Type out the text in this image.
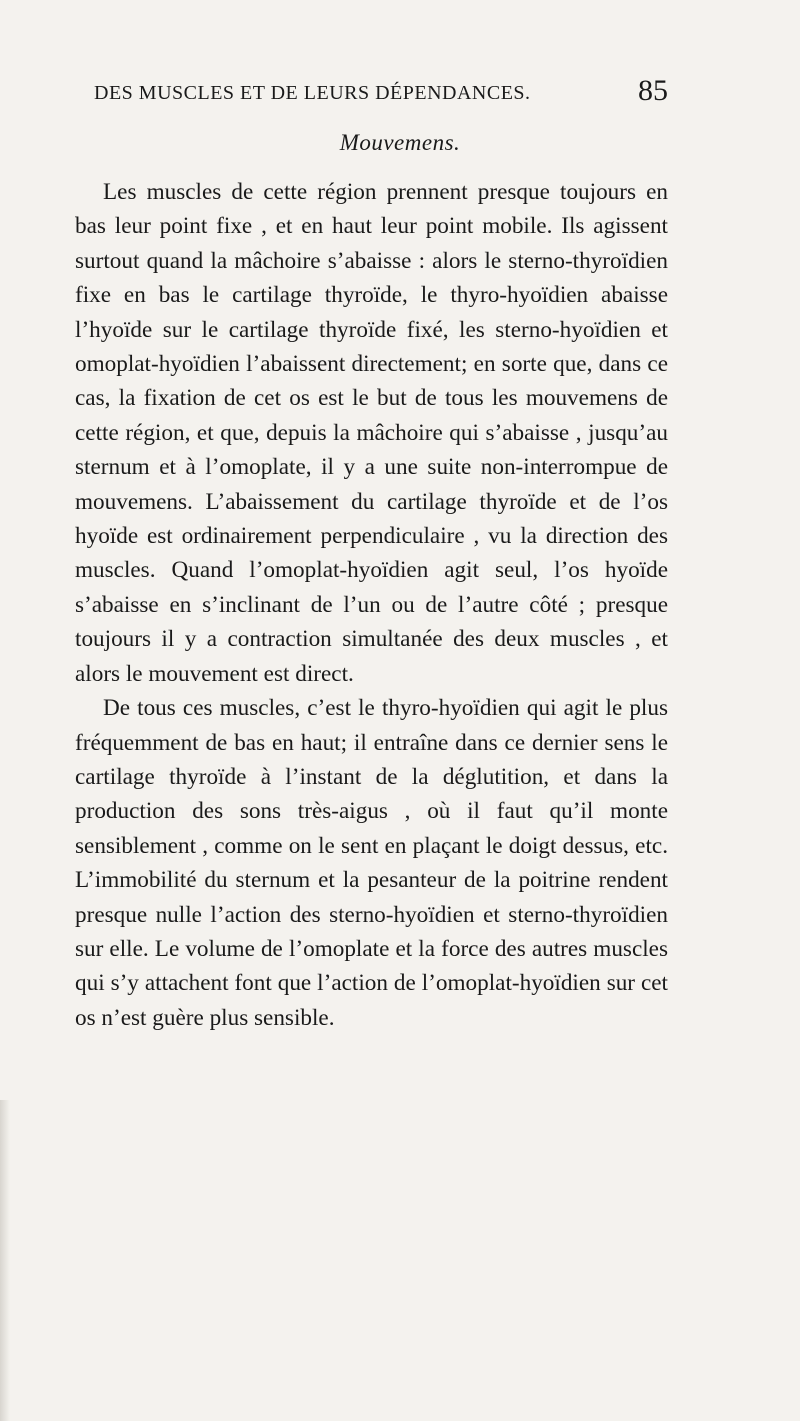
DES MUSCLES ET DE LEURS DÉPENDANCES.	85
Mouvemens.

Les muscles de cette région prennent presque toujours en bas leur point fixe , et en haut leur point mobile. Ils agissent surtout quand la mâchoire s’abaisse : alors le sterno-thyroïdien fixe en bas le cartilage thyroïde, le thyro-hyoïdien abaisse l’hyoïde sur le cartilage thyroïde fixé, les sterno-hyoïdien et omoplat-hyoïdien l’abaissent directement; en sorte que, dans ce cas, la fixation de cet os est le but de tous les mouvemens de cette région, et que, depuis la mâchoire qui s’abaisse , jusqu’au sternum et à l’omoplate, il y a une suite non-interrompue de mouvemens. L’abaissement du cartilage thyroïde et de l’os hyoïde est ordinairement perpendiculaire , vu la direction des muscles. Quand l’omoplat-hyoïdien agit seul, l’os hyoïde s’abaisse en s’inclinant de l’un ou de l’autre côté ; presque toujours il y a contraction simultanée des deux muscles , et alors le mouvement est direct.

De tous ces muscles, c’est le thyro-hyoïdien qui agit le plus fréquemment de bas en haut; il entraîne dans ce dernier sens le cartilage thyroïde à l’instant de la déglutition, et dans la production des sons très-aigus , où il faut qu’il monte sensiblement , comme on le sent en plaçant le doigt dessus, etc. L’immobilité du sternum et la pesanteur de la poitrine rendent presque nulle l’action des sterno-hyoïdien et sterno-thyroïdien sur elle. Le volume de l’omoplate et la force des autres muscles qui s’y attachent font que l’action de l’omoplat-hyoïdien sur cet os n’est guère plus sensible.
